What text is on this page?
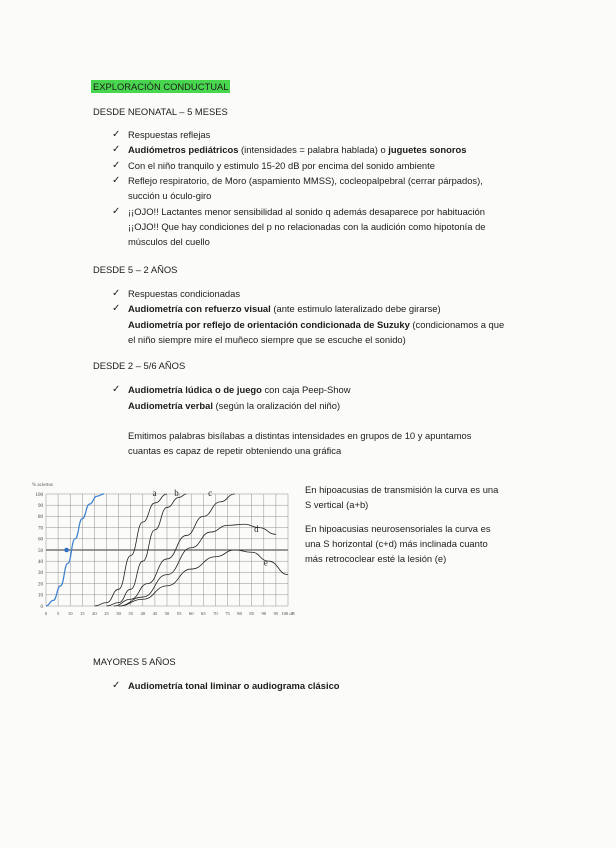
EXPLORACIÓN CONDUCTUAL
DESDE NEONATAL – 5 MESES
✓ Respuestas reflejas
✓ Audiómetros pediátricos (intensidades = palabra hablada) o juguetes sonoros
✓ Con el niño tranquilo y estimulo 15-20 dB por encima del sonido ambiente
✓ Reflejo respiratorio, de Moro (aspamiento MMSS), cocleopalpebral (cerrar párpados),
succión u óculo-giro
✓ ¡¡OJO!! Lactantes menor sensibilidad al sonido q además desaparece por habituación
¡¡OJO!! Que hay condiciones del p no relacionadas con la audición como hipotonía de
músculos del cuello
DESDE 5 – 2 AÑOS
✓ Respuestas condicionadas
✓ Audiometría con refuerzo visual (ante estimulo lateralizado debe girarse)
Audiometría por reflejo de orientación condicionada de Suzuky (condicionamos a que
el niño siempre mire el muñeco siempre que se escuche el sonido)
DESDE 2 – 5/6 AÑOS
✓ Audiometría lúdica o de juego con caja Peep-Show
Audiometría verbal (según la oralización del niño)
Emitimos palabras bisílabas a distintas intensidades en grupos de 10 y apuntamos
cuantas es capaz de repetir obteniendo una gráfica
0
10
20
30
40
50
60
70
80
90
100
0 5 10 15 20 25 30 35 40 45 50 55 60 65 70 75 80 85 90 95 100 dB
a b	c
d
e
% aciertos	En hipoacusias de transmisión la curva es una
S vertical (a+b)
En hipoacusias neurosensoriales la curva es
una S horizontal (c+d) más inclinada cuanto
más retrococlear esté la lesión (e)
MAYORES 5 AÑOS
✓ Audiometría tonal liminar o audiograma clásico
